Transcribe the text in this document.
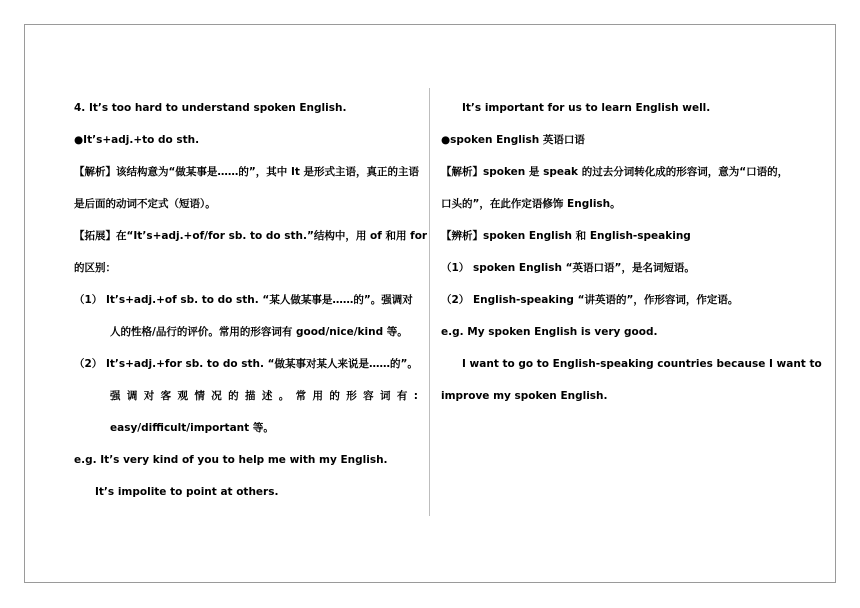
4. It’s too hard to understand spoken English.
●It’s+adj.+to do sth.
【解析】该结构意为“做某事是……的”，其中 It 是形式主语，真正的主语
是后面的动词不定式（短语）。
【拓展】在“It’s+adj.+of/for sb. to do sth.”结构中，用 of 和用 for
的区别：
（1） It’s+adj.+of sb. to do sth. “某人做某事是……的”。强调对
人的性格/品行的评价。常用的形容词有 good/nice/kind 等。
（2） It’s+adj.+for sb. to do sth. “做某事对某人来说是……的”。
强 调 对 客 观 情 况 的 描 述 。 常 用 的 形 容 词 有 :
easy/difficult/important 等。
e.g. It’s very kind of you to help me with my English.
It’s impolite to point at others.
It’s important for us to learn English well.
●spoken English 英语口语
【解析】spoken 是 speak 的过去分词转化成的形容词，意为“口语的，
口头的”，在此作定语修饰 English。
【辨析】spoken English 和 English-speaking
（1） spoken English “英语口语”，是名词短语。
（2） English-speaking “讲英语的”，作形容词，作定语。
e.g. My spoken English is very good.
I want to go to English-speaking countries because I want to
improve my spoken English.
